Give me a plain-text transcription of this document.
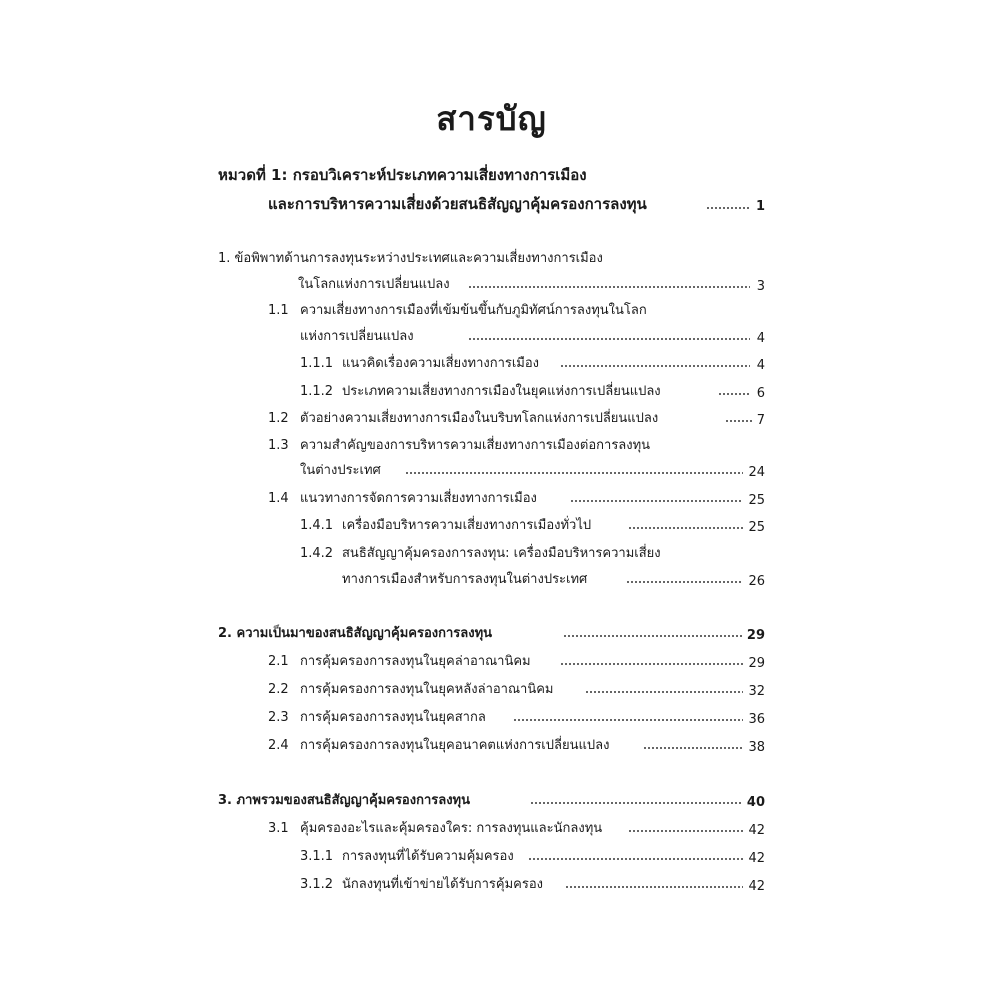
สารบัญ
หมวดที่ 1: กรอบวิเคราะห์ประเภทความเสี่ยงทางการเมือง
และการบริหารความเสี่ยงด้วยสนธิสัญญาคุ้มครองการลงทุน	1
1. ข้อพิพาทด้านการลงทุนระหว่างประเทศและความเสี่ยงทางการเมือง
ในโลกแห่งการเปลี่ยนแปลง	3
1.1 ความเสี่ยงทางการเมืองที่เข้มข้นขึ้นกับภูมิทัศน์การลงทุนในโลก
แห่งการเปลี่ยนแปลง	4
1.1.1 แนวคิดเรื่องความเสี่ยงทางการเมือง	4
1.1.2 ประเภทความเสี่ยงทางการเมืองในยุคแห่งการเปลี่ยนแปลง	6
1.2 ตัวอย่างความเสี่ยงทางการเมืองในบริบทโลกแห่งการเปลี่ยนแปลง	7
1.3 ความสำคัญของการบริหารความเสี่ยงทางการเมืองต่อการลงทุน
ในต่างประเทศ	24
1.4 แนวทางการจัดการความเสี่ยงทางการเมือง	25
1.4.1 เครื่องมือบริหารความเสี่ยงทางการเมืองทั่วไป	25
1.4.2 สนธิสัญญาคุ้มครองการลงทุน: เครื่องมือบริหารความเสี่ยง
ทางการเมืองสำหรับการลงทุนในต่างประเทศ	26
2. ความเป็นมาของสนธิสัญญาคุ้มครองการลงทุน	29
2.1 การคุ้มครองการลงทุนในยุคล่าอาณานิคม	29
2.2 การคุ้มครองการลงทุนในยุคหลังล่าอาณานิคม	32
2.3 การคุ้มครองการลงทุนในยุคสากล	36
2.4 การคุ้มครองการลงทุนในยุคอนาคตแห่งการเปลี่ยนแปลง	38
3. ภาพรวมของสนธิสัญญาคุ้มครองการลงทุน	40
3.1 คุ้มครองอะไรและคุ้มครองใคร: การลงทุนและนักลงทุน	42
3.1.1 การลงทุนที่ได้รับความคุ้มครอง	42
3.1.2 นักลงทุนที่เข้าข่ายได้รับการคุ้มครอง	42
